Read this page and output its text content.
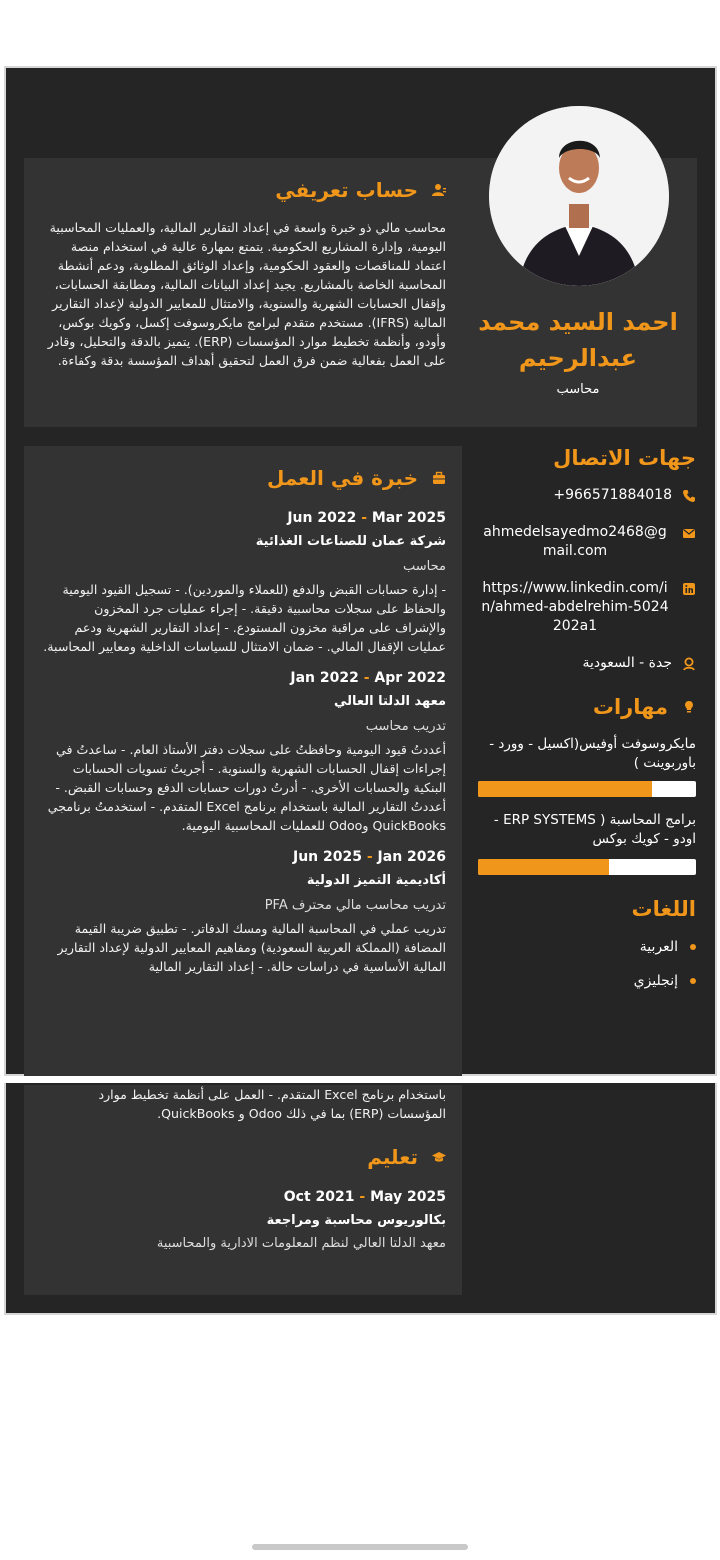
حساب تعريفي

محاسب مالي ذو خبرة واسعة في إعداد التقارير المالية، والعمليات المحاسبية اليومية، وإدارة المشاريع الحكومية. يتمتع بمهارة عالية في استخدام منصة اعتماد للمناقصات والعقود الحكومية، وإعداد الوثائق المطلوبة، ودعم أنشطة المحاسبة الخاصة بالمشاريع. يجيد إعداد البيانات المالية، ومطابقة الحسابات، وإقفال الحسابات الشهرية والسنوية، والامتثال للمعايير الدولية لإعداد التقارير المالية (IFRS). مستخدم متقدم لبرامج مايكروسوفت إكسل، وكويك بوكس، وأودو، وأنظمة تخطيط موارد المؤسسات (ERP). يتميز بالدقة والتحليل، وقادر على العمل بفعالية ضمن فرق العمل لتحقيق أهداف المؤسسة بدقة وكفاءة.

احمد السيد محمد عبدالرحيم
محاسب
خبرة في العمل
Jun 2022 - Mar 2025
شركة عمان للصناعات الغذائية
محاسب

- إدارة حسابات القبض والدفع (للعملاء والموردين). - تسجيل القيود اليومية والحفاظ على سجلات محاسبية دقيقة. - إجراء عمليات جرد المخزون والإشراف على مراقبة مخزون المستودع. - إعداد التقارير الشهرية ودعم عمليات الإقفال المالي. - ضمان الامتثال للسياسات الداخلية ومعايير المحاسبة.

Jan 2022 - Apr 2022
معهد الدلتا العالي
تدريب محاسب

أعددتُ قيود اليومية وحافظتُ على سجلات دفتر الأستاذ العام. - ساعدتُ في إجراءات إقفال الحسابات الشهرية والسنوية. - أجريتُ تسويات الحسابات البنكية والحسابات الأخرى. - أدرتُ دورات حسابات الدفع وحسابات القبض. - أعددتُ التقارير المالية باستخدام برنامج Excel المتقدم. - استخدمتُ برنامجي QuickBooks وOdoo للعمليات المحاسبية اليومية.

Jun 2025 - Jan 2026
أكاديمية التميز الدولية
تدريب محاسب مالي محترف PFA

تدريب عملي في المحاسبة المالية ومسك الدفاتر. - تطبيق ضريبة القيمة المضافة (المملكة العربية السعودية) ومفاهيم المعايير الدولية لإعداد التقارير المالية الأساسية في دراسات حالة. - إعداد التقارير المالية

جهات الاتصال
966571884018+
ahmedelsayedmo2468@gmail.com
https://www.linkedin.com/in/ahmed-abdelrehim-5024202a1
جدة - السعودية
مهارات
مايكروسوفت أوفيس(اكسيل - وورد - باوربوينت )
برامج المحاسبة ( ERP SYSTEMS - اودو - كويك بوكس
اللغات
العربية
إنجليزي

باستخدام برنامج Excel المتقدم. - العمل على أنظمة تخطيط موارد المؤسسات (ERP) بما في ذلك Odoo و QuickBooks.

تعليم
Oct 2021 - May 2025
بكالوريوس محاسبة ومراجعة
معهد الدلتا العالي لنظم المعلومات الادارية والمحاسبية
